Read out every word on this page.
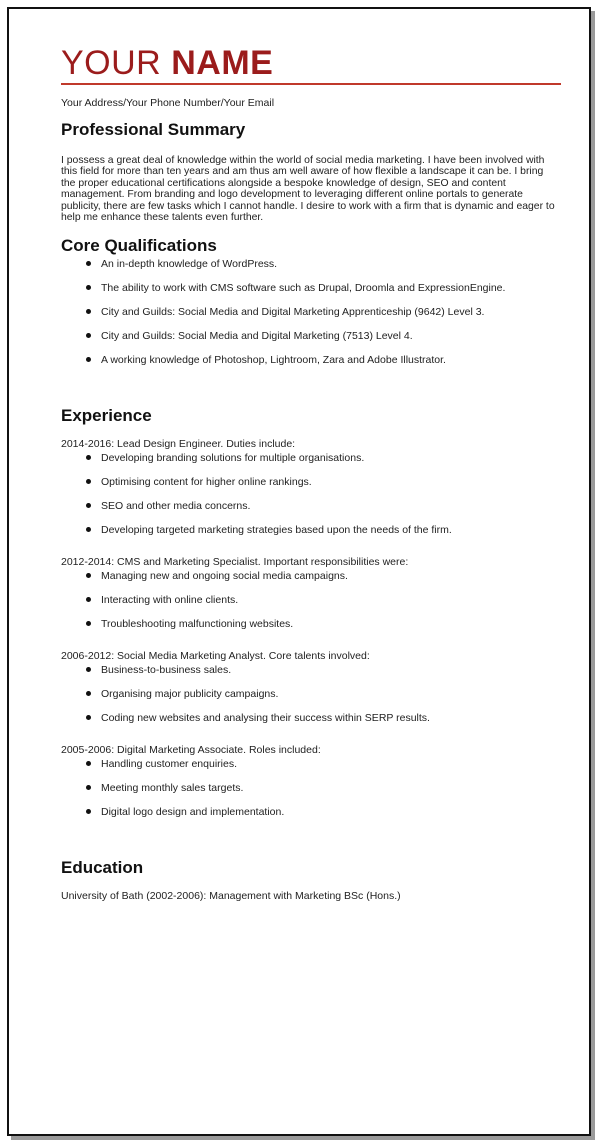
YOUR NAME
Your Address/Your Phone Number/Your Email
Professional Summary
I possess a great deal of knowledge within the world of social media marketing. I have been involved with this field for more than ten years and am thus am well aware of how flexible a landscape it can be. I bring the proper educational certifications alongside a bespoke knowledge of design, SEO and content management. From branding and logo development to leveraging different online portals to generate publicity, there are few tasks which I cannot handle. I desire to work with a firm that is dynamic and eager to help me enhance these talents even further.
Core Qualifications
An in-depth knowledge of WordPress.
The ability to work with CMS software such as Drupal, Droomla and ExpressionEngine.
City and Guilds: Social Media and Digital Marketing Apprenticeship (9642) Level 3.
City and Guilds: Social Media and Digital Marketing (7513) Level 4.
A working knowledge of Photoshop, Lightroom, Zara and Adobe Illustrator.
Experience
2014-2016: Lead Design Engineer. Duties include:
Developing branding solutions for multiple organisations.
Optimising content for higher online rankings.
SEO and other media concerns.
Developing targeted marketing strategies based upon the needs of the firm.
2012-2014: CMS and Marketing Specialist. Important responsibilities were:
Managing new and ongoing social media campaigns.
Interacting with online clients.
Troubleshooting malfunctioning websites.
2006-2012: Social Media Marketing Analyst. Core talents involved:
Business-to-business sales.
Organising major publicity campaigns.
Coding new websites and analysing their success within SERP results.
2005-2006: Digital Marketing Associate. Roles included:
Handling customer enquiries.
Meeting monthly sales targets.
Digital logo design and implementation.
Education
University of Bath (2002-2006): Management with Marketing BSc (Hons.)
